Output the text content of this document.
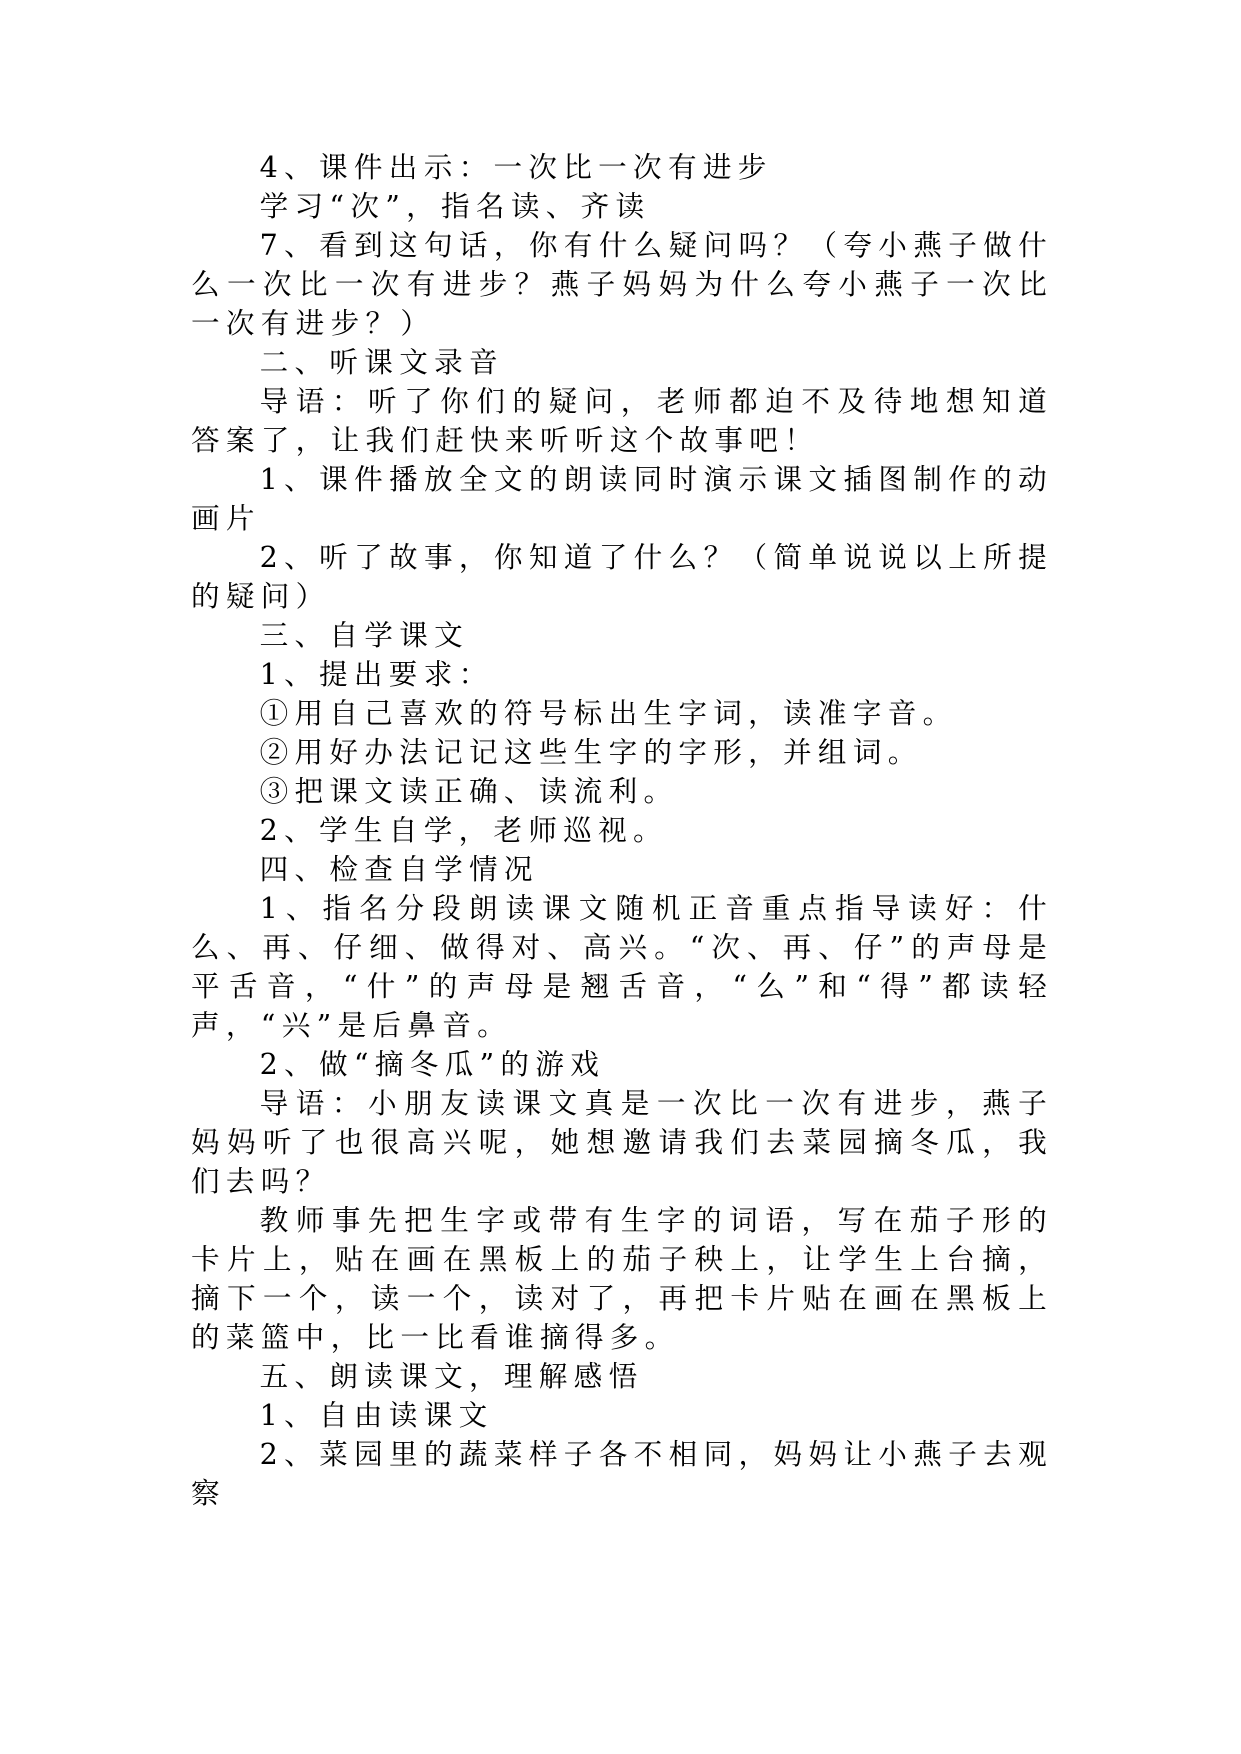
4、课件出示：一次比一次有进步

学习“次”，指名读、齐读

7、看到这句话，你有什么疑问吗？（夸小燕子做什么一次比一次有进步？燕子妈妈为什么夸小燕子一次比一次有进步？）

二、听课文录音

导语：听了你们的疑问，老师都迫不及待地想知道答案了，让我们赶快来听听这个故事吧！

1、课件播放全文的朗读同时演示课文插图制作的动画片

2、听了故事，你知道了什么？（简单说说以上所提的疑问）

三、自学课文

1、提出要求：

①用自己喜欢的符号标出生字词，读准字音。

②用好办法记记这些生字的字形，并组词。

③把课文读正确、读流利。

2、学生自学，老师巡视。

四、检查自学情况

1、指名分段朗读课文随机正音重点指导读好：什么、再、仔细、做得对、高兴。“次、再、仔”的声母是平舌音，“什”的声母是翘舌音，“么”和“得”都读轻声，“兴”是后鼻音。

2、做“摘冬瓜”的游戏

导语：小朋友读课文真是一次比一次有进步，燕子妈妈听了也很高兴呢，她想邀请我们去菜园摘冬瓜，我们去吗？

教师事先把生字或带有生字的词语，写在茄子形的卡片上，贴在画在黑板上的茄子秧上，让学生上台摘，摘下一个，读一个，读对了，再把卡片贴在画在黑板上的菜篮中，比一比看谁摘得多。

五、朗读课文，理解感悟

1、自由读课文

2、菜园里的蔬菜样子各不相同，妈妈让小燕子去观察
